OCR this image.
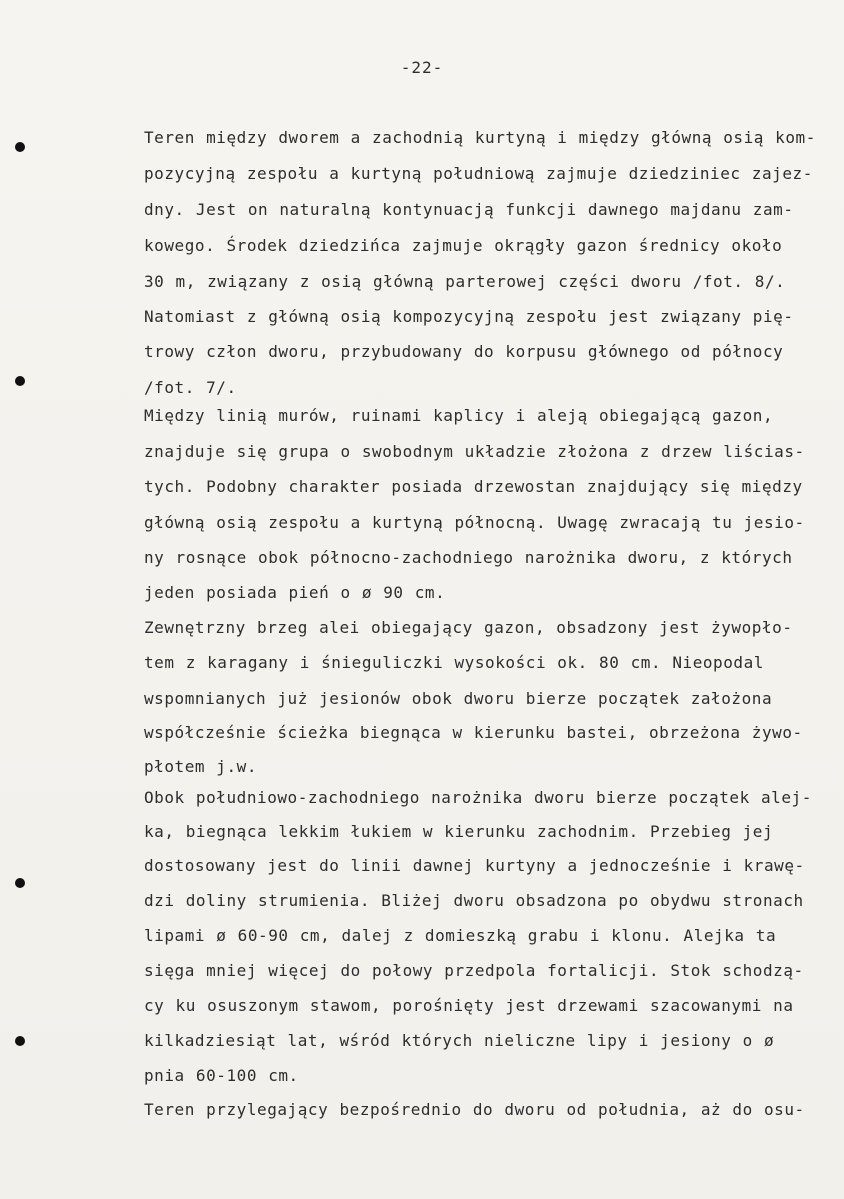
-22-
Teren między dworem a zachodnią kurtyną i między główną osią kom-
pozycyjną zespołu a kurtyną południową zajmuje dziedziniec zajez-
dny. Jest on naturalną kontynuacją funkcji dawnego majdanu zam-
kowego. Środek dziedzińca zajmuje okrągły gazon średnicy około
30 m, związany z osią główną parterowej części dworu /fot. 8/.
Natomiast z główną osią kompozycyjną zespołu jest związany pię-
trowy człon dworu, przybudowany do korpusu głównego od północy
/fot. 7/.
Między linią murów, ruinami kaplicy i aleją obiegającą gazon,
znajduje się grupa o swobodnym układzie złożona z drzew liścias-
tych. Podobny charakter posiada drzewostan znajdujący się między
główną osią zespołu a kurtyną północną. Uwagę zwracają tu jesio-
ny rosnące obok północno-zachodniego narożnika dworu, z których
jeden posiada pień o ø 90 cm.
Zewnętrzny brzeg alei obiegający gazon, obsadzony jest żywopło-
tem z karagany i śnieguliczki wysokości ok. 80 cm. Nieopodal
wspomnianych już jesionów obok dworu bierze początek założona
współcześnie ścieżka biegnąca w kierunku bastei, obrzeżona żywo-
płotem j.w.
Obok południowo-zachodniego narożnika dworu bierze początek alej-
ka, biegnąca lekkim łukiem w kierunku zachodnim. Przebieg jej
dostosowany jest do linii dawnej kurtyny a jednocześnie i krawę-
dzi doliny strumienia. Bliżej dworu obsadzona po obydwu stronach
lipami ø 60-90 cm, dalej z domieszką grabu i klonu. Alejka ta
sięga mniej więcej do połowy przedpola fortalicji. Stok schodzą-
cy ku osuszonym stawom, porośnięty jest drzewami szacowanymi na
kilkadziesiąt lat, wśród których nieliczne lipy i jesiony o ø
pnia 60-100 cm.
Teren przylegający bezpośrednio do dworu od południa, aż do osu-
